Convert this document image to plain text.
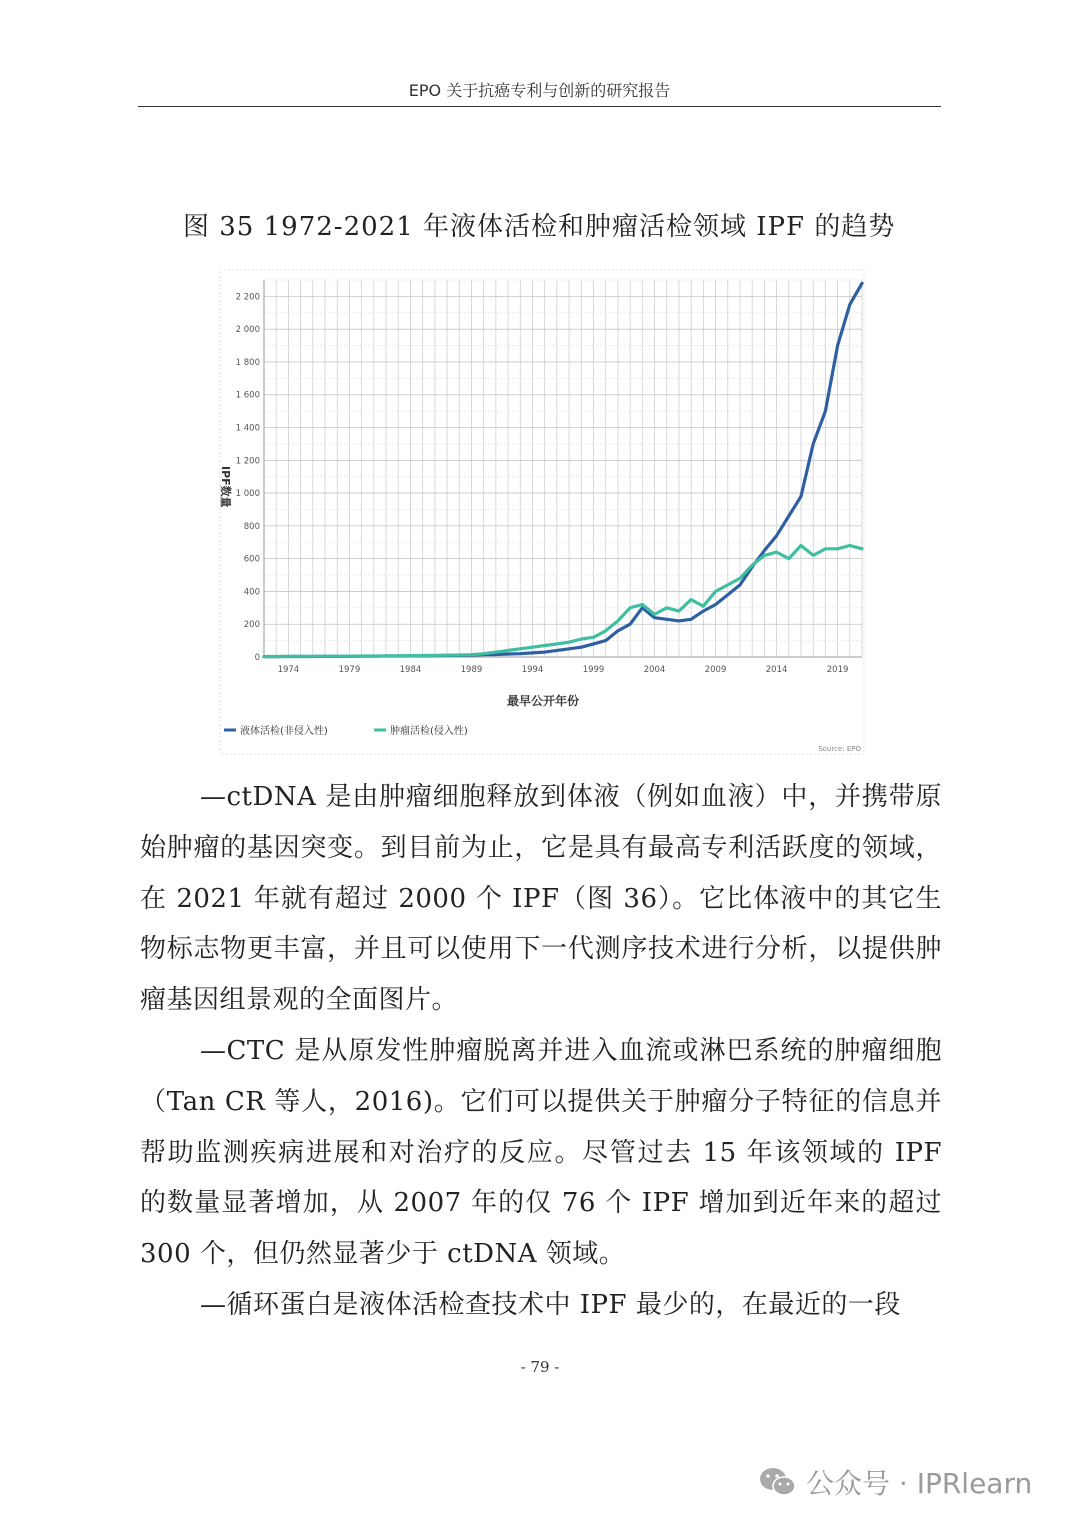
EPO 关于抗癌专利与创新的研究报告
图 35 1972-2021 年液体活检和肿瘤活检领域 IPF 的趋势
0
200
400
600
800
1 000
1 200
1 400
1 600
1 800
2 000
2 200
1974	1979	1984	1989	1994	1999	2004	2009	2014	2019
IPF数量
最早公开年份
液体活检(非侵入性)	肿瘤活检(侵入性)
Source: EPO

—ctDNA 是由肿瘤细胞释放到体液（例如血液）中，并携带原始肿瘤的基因突变。到目前为止，它是具有最高专利活跃度的领域，在 2021 年就有超过 2000 个 IPF（图 36）。它比体液中的其它生物标志物更丰富，并且可以使用下一代测序技术进行分析，以提供肿瘤基因组景观的全面图片。

—CTC 是从原发性肿瘤脱离并进入血流或淋巴系统的肿瘤细胞（Tan CR 等人，2016)。它们可以提供关于肿瘤分子特征的信息并帮助监测疾病进展和对治疗的反应。尽管过去 15 年该领域的 IPF 的数量显著增加，从 2007 年的仅 76 个 IPF 增加到近年来的超过 300 个，但仍然显著少于 ctDNA 领域。

—循环蛋白是液体活检查技术中 IPF 最少的，在最近的一段

- 79 -
公众号 · IPRlearn
